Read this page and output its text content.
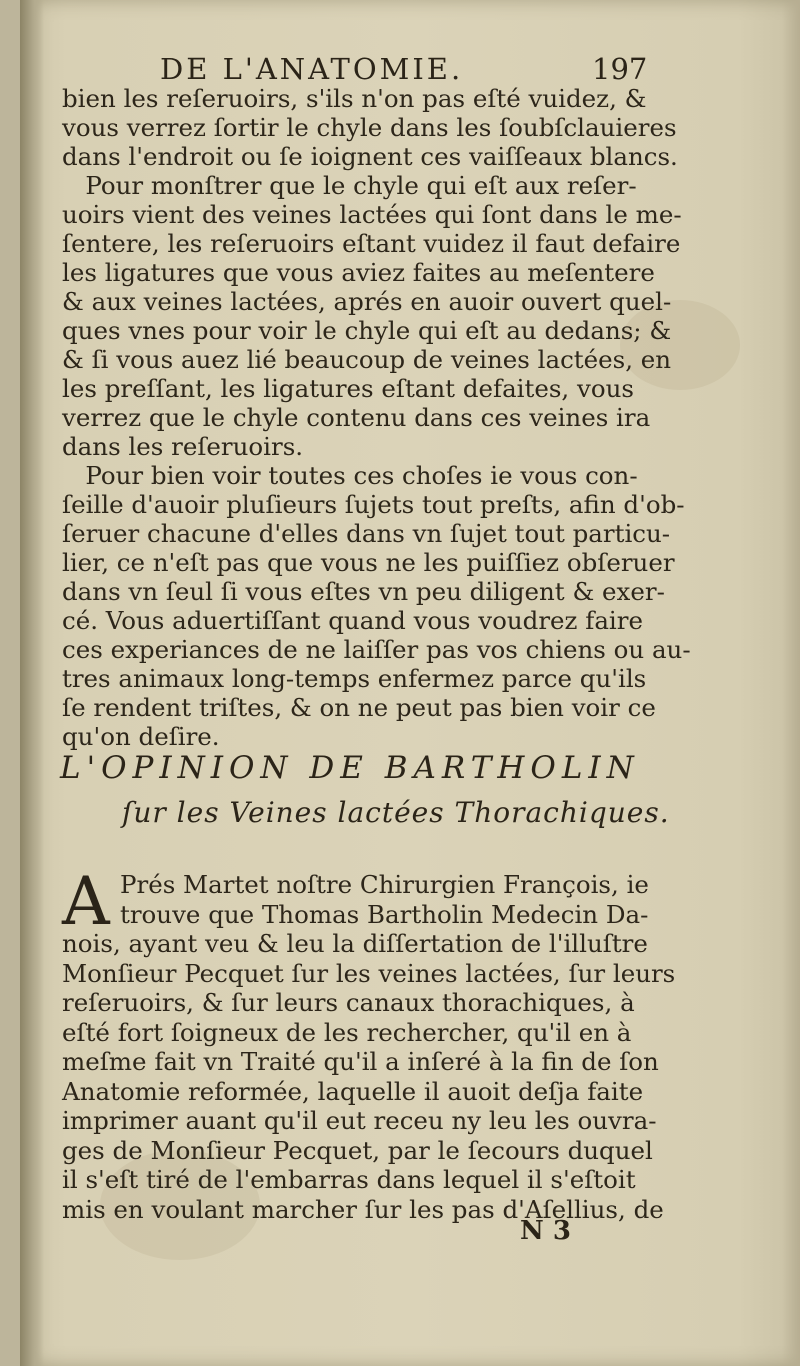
DE L'ANATOMIE.	197
bien les reſeruoirs, s'ils n'on pas eſté vuidez, &
vous verrez ſortir le chyle dans les ſoubſclauieres
dans l'endroit ou ſe ioignent ces vaiſſeaux blancs.
Pour monſtrer que le chyle qui eſt aux reſer-
uoirs vient des veines lactées qui ſont dans le me-
ſentere, les reſeruoirs eſtant vuidez il faut defaire
les ligatures que vous aviez faites au meſentere
& aux veines lactées, aprés en auoir ouvert quel-
ques vnes pour voir le chyle qui eſt au dedans; &
& ſi vous auez lié beaucoup de veines lactées, en
les preſſant, les ligatures eſtant defaites, vous
verrez que le chyle contenu dans ces veines ira
dans les reſeruoirs.
Pour bien voir toutes ces choſes ie vous con-
ſeille d'auoir pluſieurs ſujets tout preſts, afin d'ob-
ſeruer chacune d'elles dans vn ſujet tout particu-
lier, ce n'eſt pas que vous ne les puiſſiez obſeruer
dans vn ſeul ſi vous eſtes vn peu diligent & exer-
cé. Vous aduertiſſant quand vous voudrez faire
ces experiances de ne laiſſer pas vos chiens ou au-
tres animaux long-temps enfermez parce qu'ils
ſe rendent triſtes, & on ne peut pas bien voir ce
qu'on deſire.
L'OPINION DE BARTHOLIN
ſur les Veines lactées Thorachiques.
A Prés Martet noſtre Chirurgien François, ie
trouve que Thomas Bartholin Medecin Da-
nois, ayant veu & leu la diſſertation de l'illuſtre
Monſieur Pecquet ſur les veines lactées, ſur leurs
reſeruoirs, & ſur leurs canaux thorachiques, à
eſté fort ſoigneux de les rechercher, qu'il en à
meſme fait vn Traité qu'il a inſeré à la fin de ſon
Anatomie reformée, laquelle il auoit deſja faite
imprimer auant qu'il eut receu ny leu les ouvra-
ges de Monſieur Pecquet, par le ſecours duquel
il s'eſt tiré de l'embarras dans lequel il s'eſtoit
mis en voulant marcher ſur les pas d'Aſellius, de
N 3
